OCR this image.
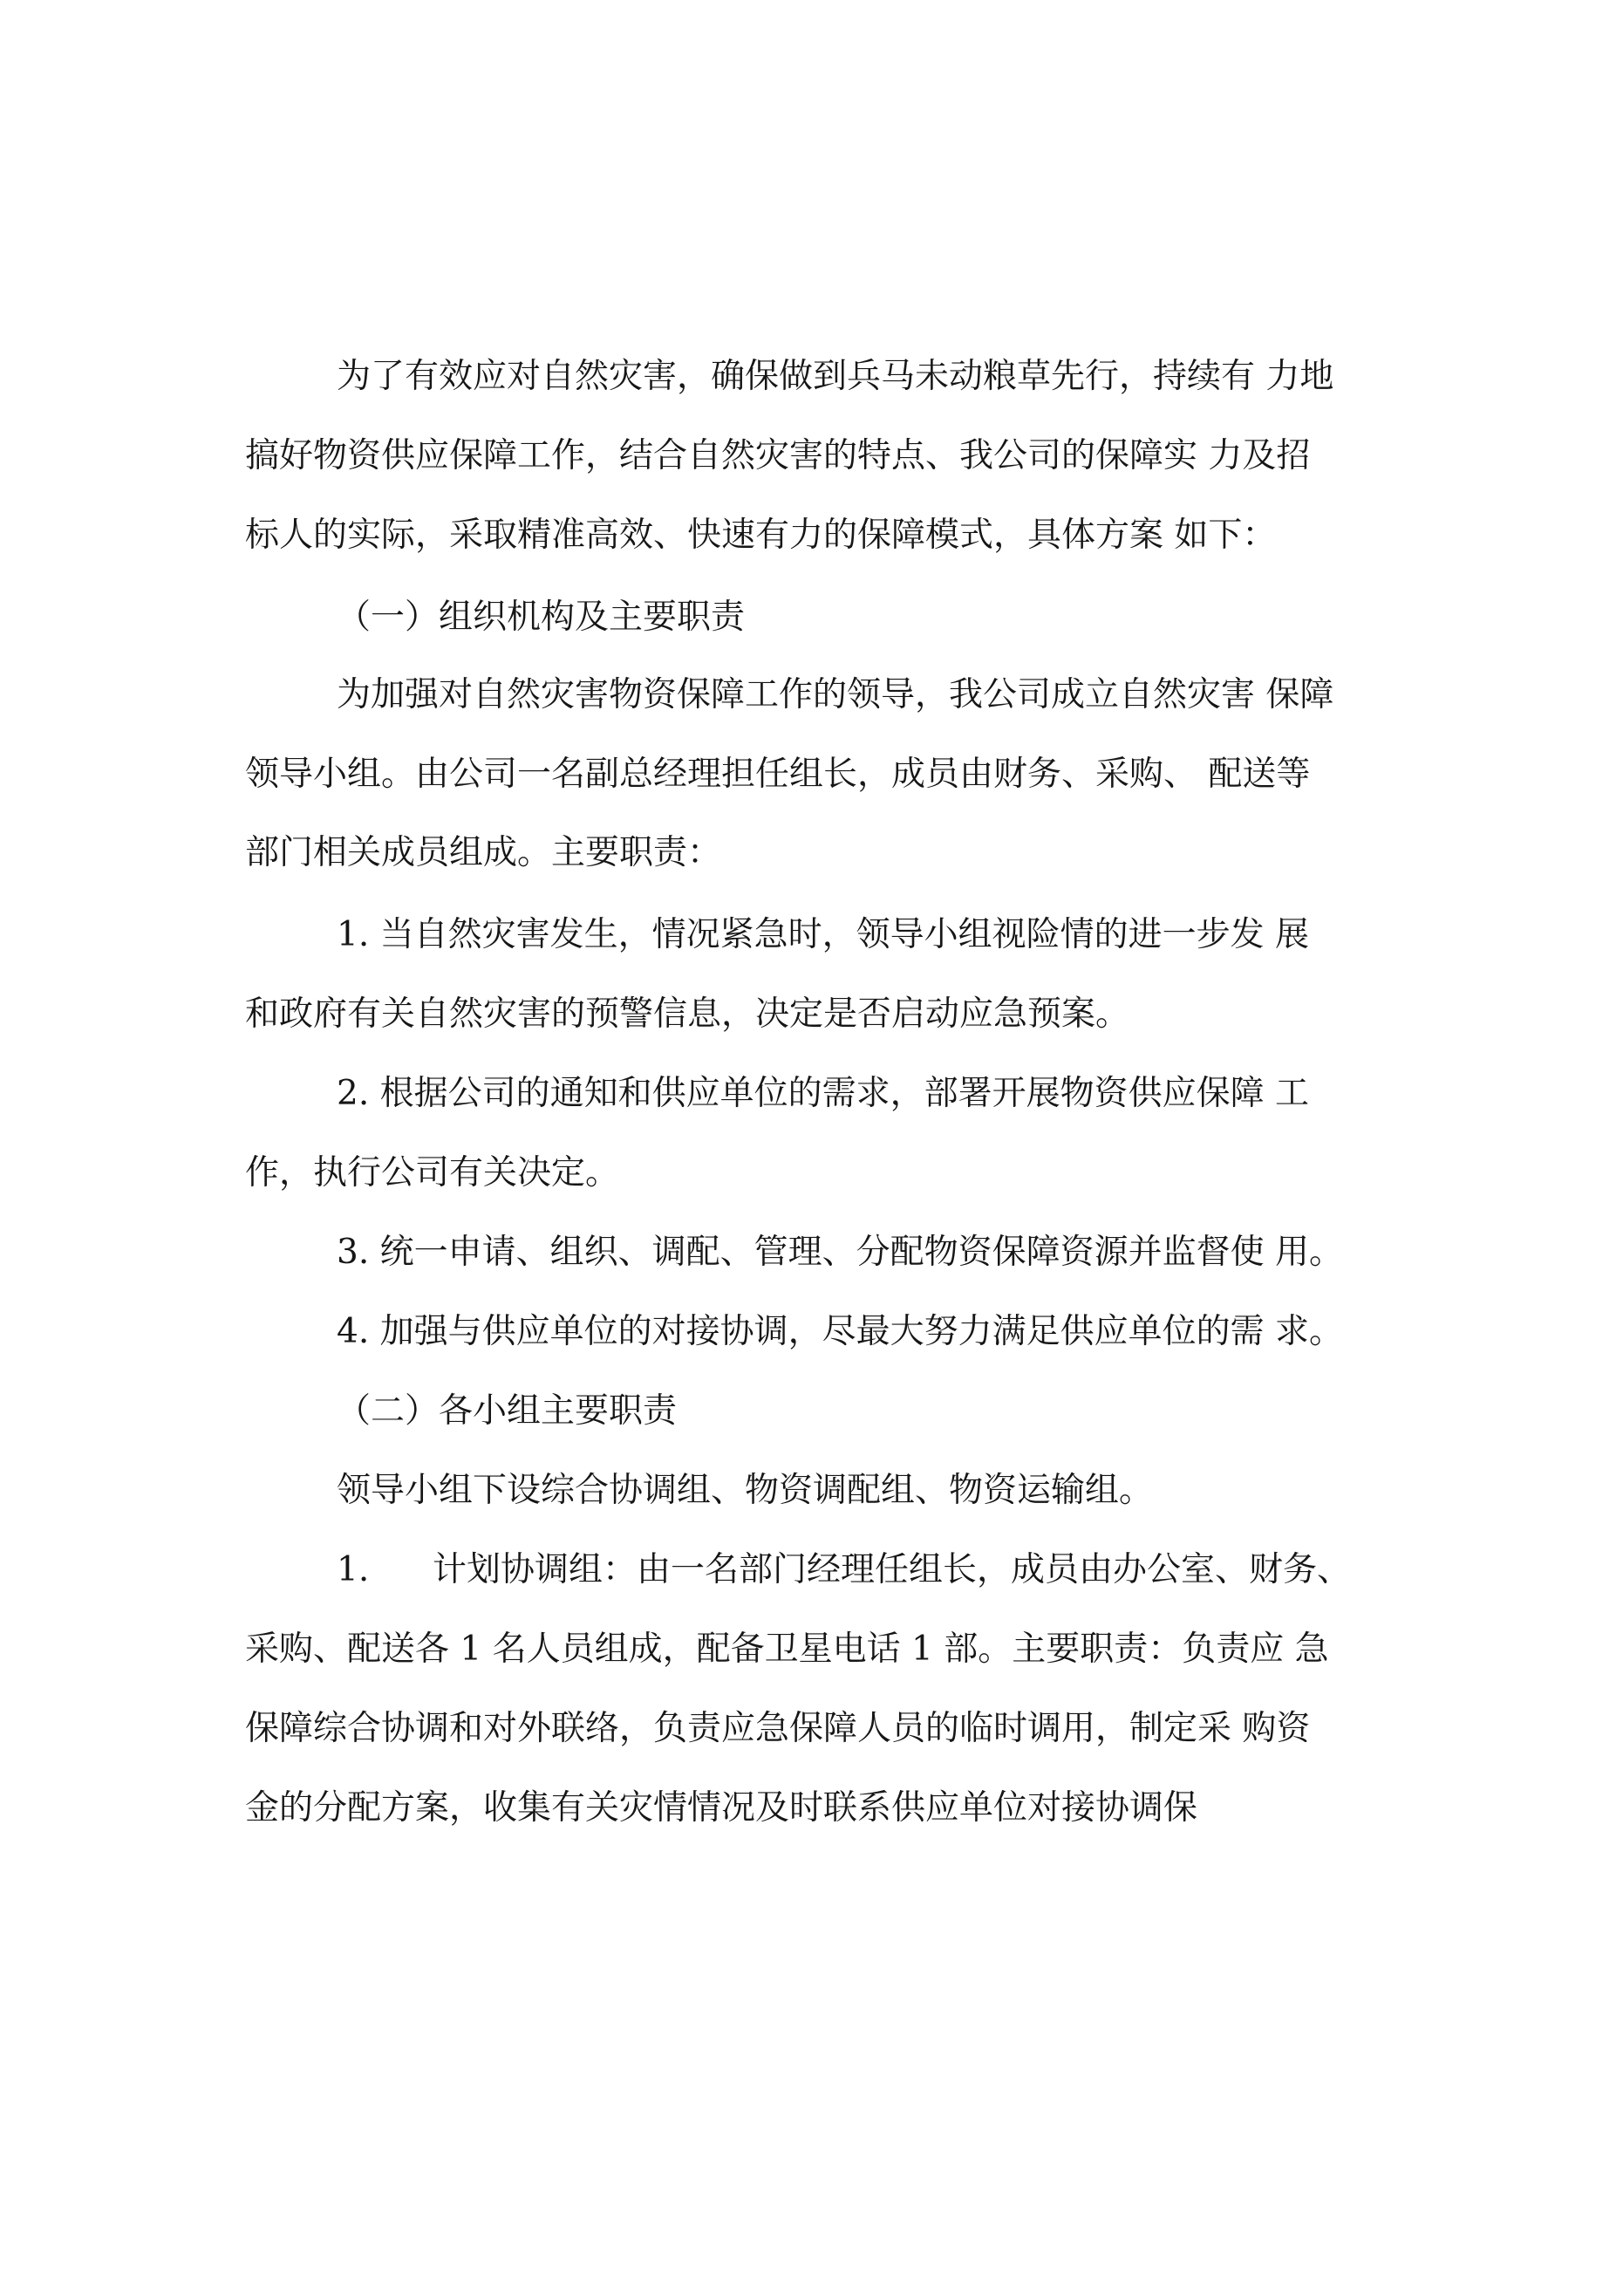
为了有效应对自然灾害，确保做到兵马未动粮草先行，持续有 力地

搞好物资供应保障工作，结合自然灾害的特点、我公司的保障实 力及招

标人的实际，采取精准高效、快速有力的保障模式，具体方案 如下：

（一）组织机构及主要职责

为加强对自然灾害物资保障工作的领导，我公司成立自然灾害 保障

领导小组。由公司一名副总经理担任组长，成员由财务、采购、 配送等

部门相关成员组成。主要职责：

1. 当自然灾害发生，情况紧急时，领导小组视险情的进一步发 展

和政府有关自然灾害的预警信息，决定是否启动应急预案。

2. 根据公司的通知和供应单位的需求，部署开展物资供应保障 工

作，执行公司有关决定。

3. 统一申请、组织、调配、管理、分配物资保障资源并监督使 用。

4. 加强与供应单位的对接协调，尽最大努力满足供应单位的需 求。

（二）各小组主要职责

领导小组下设综合协调组、物资调配组、物资运输组。

1. 计划协调组：由一名部门经理任组长，成员由办公室、财务、

采购、配送各 1 名人员组成，配备卫星电话 1 部。主要职责：负责应 急

保障综合协调和对外联络，负责应急保障人员的临时调用，制定采 购资

金的分配方案，收集有关灾情情况及时联系供应单位对接协调保
